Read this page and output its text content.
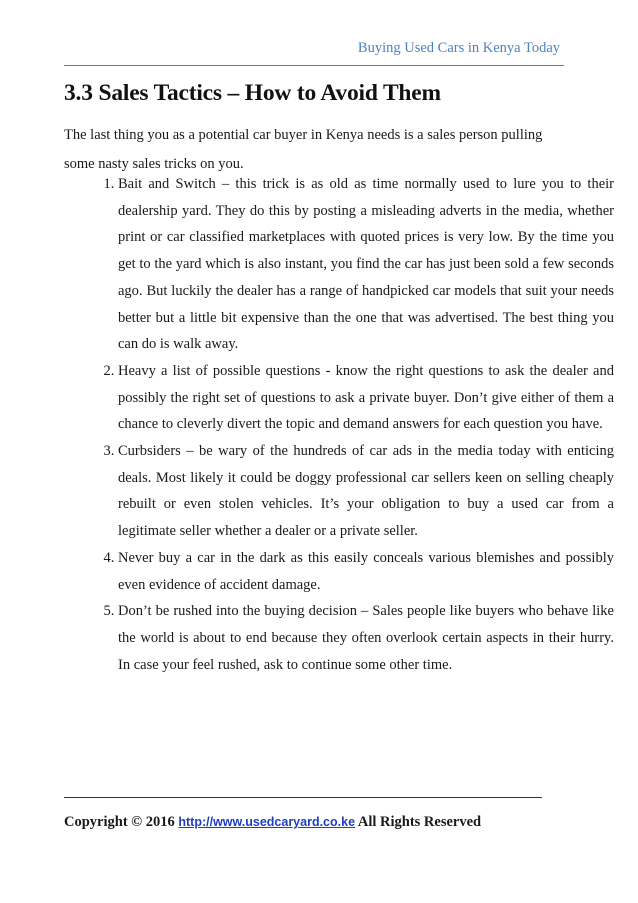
Buying Used Cars in Kenya Today
3.3 Sales Tactics – How to Avoid Them

The last thing you as a potential car buyer in Kenya needs is a sales person pulling some nasty sales tricks on you.

1. Bait and Switch – this trick is as old as time normally used to lure you to their dealership yard. They do this by posting a misleading adverts in the media, whether print or car classified marketplaces with quoted prices is very low. By the time you get to the yard which is also instant, you find the car has just been sold a few seconds ago. But luckily the dealer has a range of handpicked car models that suit your needs better but a little bit expensive than the one that was advertised. The best thing you can do is walk away.
2. Heavy a list of possible questions - know the right questions to ask the dealer and possibly the right set of questions to ask a private buyer. Don’t give either of them a chance to cleverly divert the topic and demand answers for each question you have.
3. Curbsiders – be wary of the hundreds of car ads in the media today with enticing deals. Most likely it could be doggy professional car sellers keen on selling cheaply rebuilt or even stolen vehicles. It’s your obligation to buy a used car from a legitimate seller whether a dealer or a private seller.
4. Never buy a car in the dark as this easily conceals various blemishes and possibly even evidence of accident damage.
5. Don’t be rushed into the buying decision – Sales people like buyers who behave like the world is about to end because they often overlook certain aspects in their hurry. In case your feel rushed, ask to continue some other time.
Copyright © 2016 http://www.usedcaryard.co.ke All Rights Reserved
